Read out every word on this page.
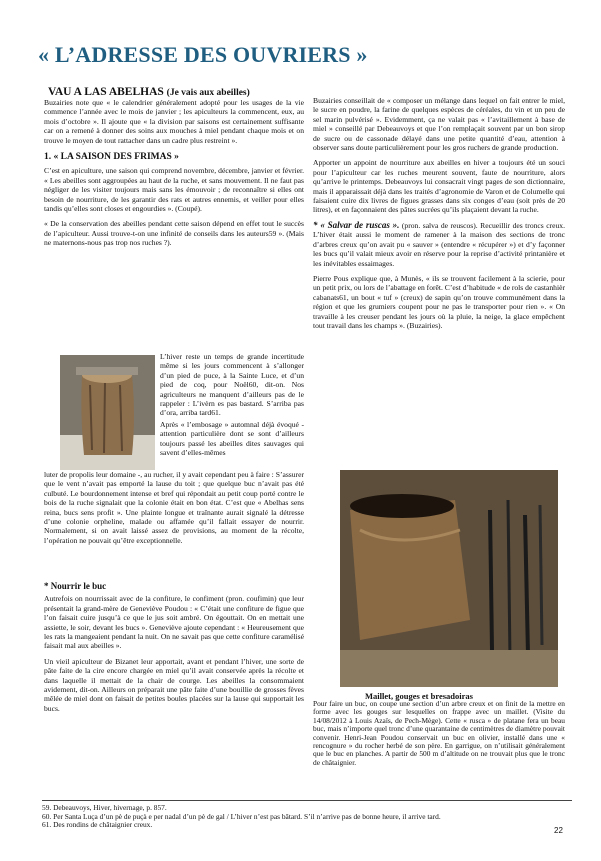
« L’ADRESSE DES OUVRIERS »
VAU A LAS ABELHAS (Je vais aux abeilles)

Buzairies note que « le calendrier généralement adopté pour les usages de la vie commence l’année avec le mois de janvier ; les apiculteurs la commencent, eux, au mois d’octobre ». Il ajoute que « la division par saisons est certainement suffisante car on a remené à donner des soins aux mouches à miel pendant chaque mois et on trouve le moyen de tout rattacher dans un cadre plus restreint ».

1. « LA SAISON DES FRIMAS »

C’est en apiculture, une saison qui comprend novembre, décembre, janvier et février. « Les abeilles sont aggroupées au haut de la ruche, et sans mouvement. Il ne faut pas négliger de les visiter toujours mais sans les émouvoir ; de reconnaître si elles ont besoin de nourriture, de les garantir des rats et autres ennemis, et veiller pour elles tandis qu’elles sont closes et engourdies ». (Coupé).

« De la conservation des abeilles pendant cette saison dépend en effet tout le succès de l’apiculteur. Aussi trouve-t-on une infinité de conseils dans les auteurs59 ». (Mais ne maternons-nous pas trop nos ruches ?).

L’hiver reste un temps de grande incertitude même si les jours commencent à s’allonger d’un pied de puce, à la Sainte Luce, et d’un pied de coq, pour Noël60, dit-on. Nos agriculteurs ne manquent d’ailleurs pas de le rappeler : L’ivèrn es pas bastard. S’arriba pas d’ora, arriba tard61.
Après « l’embosage » automnal déjà évoqué - attention particulière dont se sont d’ailleurs toujours passé les abeilles dites sauvages qui savent d’elles-mêmes
luter de propolis leur domaine -, au rucher, il y avait cependant peu à faire : S’assurer que le vent n’avait pas emporté la lause du toit ; que quelque buc n’avait pas été culbuté. Le bourdonnement intense et bref qui répondait au petit coup porté contre le bois de la ruche signalait que la colonie était en bon état. C’est que « Abelhas sens reina, bucs sens profit ». Une plainte longue et traînante aurait signalé la détresse d’une colonie orpheline, malade ou affamée qu’il fallait essayer de nourrir. Normalement, si on avait laissé assez de provisions, au moment de la récolte, l’opération ne pouvait qu’être exceptionnelle.
* Nourrir le buc

Autrefois on nourrissait avec de la confiture, le confiment (pron. coufimin) que leur présentait la grand-mère de Geneviève Poudou : « C’était une confiture de figue que l’on faisait cuire jusqu’à ce que le jus soit ambré. On égouttait. On en mettait une assiette, le soir, devant les bucs ». Geneviève ajoute cependant : « Heureusement que les rats la mangeaient pendant la nuit. On ne savait pas que cette confiture caramélisé faisait mal aux abeilles ».

Un vieil apiculteur de Bizanet leur apportait, avant et pendant l’hiver, une sorte de pâte faite de la cire encore chargée en miel qu’il avait conservée après la récolte et dans laquelle il mettait de la chair de courge. Les abeilles la consommaient avidement, dit-on. Ailleurs on préparait une pâte faite d’une bouillie de grosses fèves mêlée de miel dont on faisait de petites boules placées sur la lause qui supportait les bucs.

Buzairies conseillait de « composer un mélange dans lequel on fait entrer le miel, le sucre en poudre, la farine de quelques espèces de céréales, du vin et un peu de sel marin pulvérisé ». Evidemment, ça ne valait pas « l’avitaillement à base de miel » conseillé par Debeauvoys et que l’on remplaçait souvent par un bon sirop de sucre ou de cassonade délayé dans une petite quantité d’eau, attention à observer sans doute particulièrement pour les gros ruchers de grande production.

Apporter un appoint de nourriture aux abeilles en hiver a toujours été un souci pour l’apiculteur car les ruches meurent souvent, faute de nourriture, alors qu’arrive le printemps. Debeauvoys lui consacrait vingt pages de son dictionnaire, mais il apparaissait déjà dans les traités d’agronomie de Varon et de Columelle qui faisaient cuire dix livres de figues grasses dans six conges d’eau (soit près de 20 litres), et en façonnaient des pâtes sucrées qu’ils plaçaient devant la ruche.

* « Salvar de ruscas ». (pron. salva de reuscos). Recueillir des troncs creux. L’hiver était aussi le moment de ramener à la maison des sections de tronc d’arbres creux qu’on avait pu « sauver » (entendre « récupérer ») et d’y façonner les bucs qu’il valait mieux avoir en réserve pour la reprise d’activité printanière et les inévitables essaimages.

Pierre Pous explique que, à Munès, « ils se trouvent facilement à la scierie, pour un petit prix, ou lors de l’abattage en forêt. C’est d’habitude « de rols de castanhièr cabanats61, un bout « tuf » (creux) de sapin qu’on trouve communément dans la région et que les grumiers coupent pour ne pas le transporter pour rien ». « On travaille à les creuser pendant les jours où la pluie, la neige, la glace empêchent tout travail dans les champs ». (Buzairies).

Maillet, gouges et bresadoiras
Pour faire un buc, on coupe une section d’un arbre creux et on finit de la mettre en forme avec les gouges sur lesquelles on frappe avec un maillet. (Visite du 14/08/2012 à Louis Azaïs, de Pech-Mège). Cette « rusca » de platane fera un beau buc, mais n’importe quel tronc d’une quarantaine de centimètres de diamètre pouvait convenir. Henri-Jean Poudou conservait un buc en olivier, installé dans une « rencognure » du rocher herbé de son père. En garrigue, on n’utilisait généralement que le buc en planches. A partir de 500 m d’altitude on ne trouvait plus que le tronc de châtaignier.
59. Debeauvoys, Hiver, hivernage, p. 857.
60. Per Santa Luça d’un pè de puçà e per nadal d’un pè de gal / L’hiver n’est pas bâtard. S’il n’arrive pas de bonne heure, il arrive tard.
61. Des rondins de châtaignier creux.
22
